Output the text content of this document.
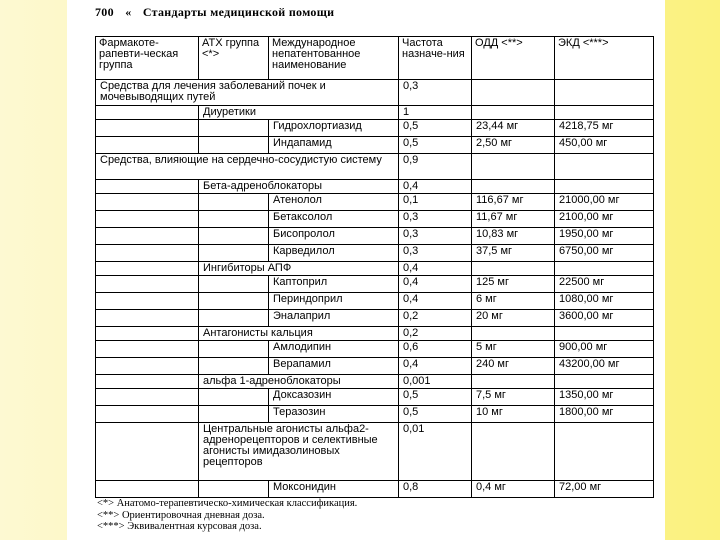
700 « Стандарты медицинской помощи
Фармакоте-рапевти-ческая группа	АТХ группа <*>	Международное непатентованное наименование	Частота назначе-ния	ОДД <**>	ЭКД <***>
Средства для лечения заболеваний почек и мочевыводящих путей			0,3		
	Диуретики		1		
		Гидрохлортиазид	0,5	23,44 мг	4218,75 мг
		Индапамид	0,5	2,50 мг	450,00 мг
Средства, влияющие на сердечно-сосудистую систему			0,9		
	Бета-адреноблокаторы		0,4		
		Атенолол	0,1	116,67 мг	21000,00 мг
		Бетаксолол	0,3	11,67 мг	2100,00 мг
		Бисопролол	0,3	10,83 мг	1950,00 мг
		Карведилол	0,3	37,5 мг	6750,00 мг
	Ингибиторы АПФ		0,4		
		Каптоприл	0,4	125 мг	22500 мг
		Периндоприл	0,4	6 мг	1080,00 мг
		Эналаприл	0,2	20 мг	3600,00 мг
	Антагонисты кальция		0,2		
		Амлодипин	0,6	5 мг	900,00 мг
		Верапамил	0,4	240 мг	43200,00 мг
	альфа 1-адреноблокаторы		0,001		
		Доксазозин	0,5	7,5 мг	1350,00 мг
		Теразозин	0,5	10 мг	1800,00 мг
	Центральные агонисты альфа2-адренорецепторов и селективные агонисты имидазолиновых рецепторов		0,01		
		Моксонидин	0,8	0,4 мг	72,00 мг
<*> Анатомо-терапевтическо-химическая классификация.
<**> Ориентировочная дневная доза.
<***> Эквивалентная курсовая доза.
